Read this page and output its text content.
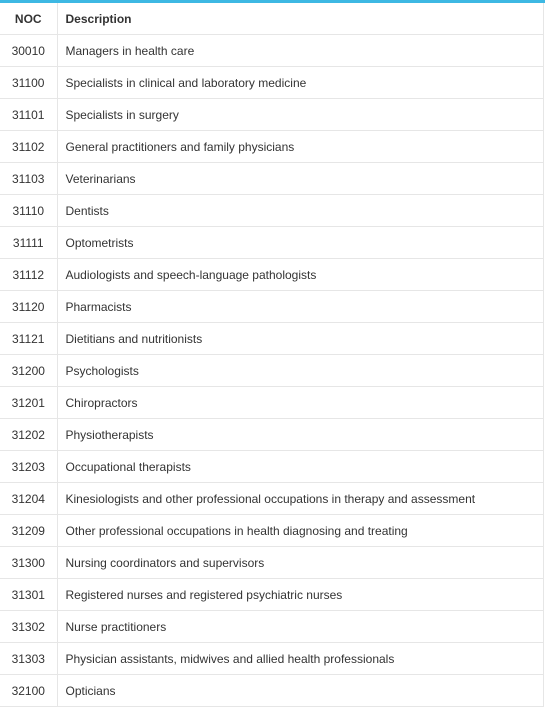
NOC	Description
30010	Managers in health care
31100	Specialists in clinical and laboratory medicine
31101	Specialists in surgery
31102	General practitioners and family physicians
31103	Veterinarians
31110	Dentists
31111	Optometrists
31112	Audiologists and speech-language pathologists
31120	Pharmacists
31121	Dietitians and nutritionists
31200	Psychologists
31201	Chiropractors
31202	Physiotherapists
31203	Occupational therapists
31204	Kinesiologists and other professional occupations in therapy and assessment
31209	Other professional occupations in health diagnosing and treating
31300	Nursing coordinators and supervisors
31301	Registered nurses and registered psychiatric nurses
31302	Nurse practitioners
31303	Physician assistants, midwives and allied health professionals
32100	Opticians
